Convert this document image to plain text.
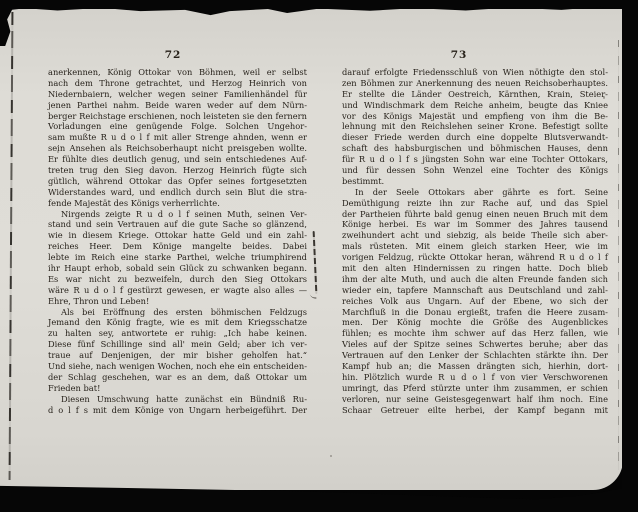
72	73
anerkennen, König Ottokar von Böhmen, weil er selbst
nach dem Throne getrachtet, und Herzog Heinrich von
Niedernbaiern, welcher wegen seiner Familienhändel für
jenen Parthei nahm. Beide waren weder auf dem Nürn-
berger Reichstage erschienen, noch leisteten sie den fernern
Vorladungen eine genügende Folge. Solchen Ungehor-
sam mußte R u d o l f mit aller Strenge ahnden, wenn er
sein Ansehen als Reichsoberhaupt nicht preisgeben wollte.
Er fühlte dies deutlich genug, und sein entschiedenes Auf-
treten trug den Sieg davon. Herzog Heinrich fügte sich
gütlich, während Ottokar das Opfer seines fortgesetzten
Widerstandes ward, und endlich durch sein Blut die stra-
fende Majestät des Königs verherrlichte.
Nirgends zeigte R u d o l f seinen Muth, seinen Ver-
stand und sein Vertrauen auf die gute Sache so glänzend,
wie in diesem Kriege. Ottokar hatte Geld und ein zahl-
reiches Heer. Dem Könige mangelte beides. Dabei
lebte im Reich eine starke Parthei, welche triumphirend
ihr Haupt erhob, sobald sein Glück zu schwanken begann.
Es war nicht zu bezweifeln, durch den Sieg Ottokars
wäre R u d o l f gestürzt gewesen, er wagte also alles —
Ehre, Thron und Leben!
Als bei Eröffnung des ersten böhmischen Feldzugs
Jemand den König fragte, wie es mit dem Kriegsschatze
zu halten sey, antwortete er ruhig: „Ich habe keinen.
Diese fünf Schillinge sind all' mein Geld; aber ich ver-
traue auf Denjenigen, der mir bisher geholfen hat.“
Und siehe, nach wenigen Wochen, noch ehe ein entscheiden-
der Schlag geschehen, war es an dem, daß Ottokar um
Frieden bat!
Diesen Umschwung hatte zunächst ein Bündniß Ru-
d o l f s mit dem Könige von Ungarn herbeigeführt. Der
darauf erfolgte Friedensschluß von Wien nöthigte den stol-
zen Böhmen zur Anerkennung des neuen Reichsoberhauptes.
Er stellte die Länder Oestreich, Kärnthen, Krain, Steier-
und Windischmark dem Reiche anheim, beugte das Kniee
vor des Königs Majestät und empfieng von ihm die Be-
lehnung mit den Reichslehen seiner Krone. Befestigt sollte
dieser Friede werden durch eine doppelte Blutsverwandt-
schaft des habsburgischen und böhmischen Hauses, denn
für R u d o l f s jüngsten Sohn war eine Tochter Ottokars,
und für dessen Sohn Wenzel eine Tochter des Königs
bestimmt.
In der Seele Ottokars aber gährte es fort. Seine
Demüthigung reizte ihn zur Rache auf, und das Spiel
der Partheien führte bald genug einen neuen Bruch mit dem
Könige herbei. Es war im Sommer des Jahres tausend
zweihundert acht und siebzig, als beide Theile sich aber-
mals rüsteten. Mit einem gleich starken Heer, wie im
vorigen Feldzug, rückte Ottokar heran, während R u d o l f
mit den alten Hindernissen zu ringen hatte. Doch blieb
ihm der alte Muth, und auch die alten Freunde fanden sich
wieder ein, tapfere Mannschaft aus Deutschland und zahl-
reiches Volk aus Ungarn. Auf der Ebene, wo sich der
Marchfluß in die Donau ergießt, trafen die Heere zusam-
men. Der König mochte die Größe des Augenblickes
fühlen; es mochte ihm schwer auf das Herz fallen, wie
Vieles auf der Spitze seines Schwertes beruhe; aber das
Vertrauen auf den Lenker der Schlachten stärkte ihn. Der
Kampf hub an; die Massen drängten sich, hierhin, dort-
hin. Plötzlich wurde R u d o l f von vier Verschworenen
umringt, das Pferd stürzte unter ihm zusammen, er schien
verloren, nur seine Geistesgegenwart half ihm noch. Eine
Schaar Getreuer eilte herbei, der Kampf begann mit
